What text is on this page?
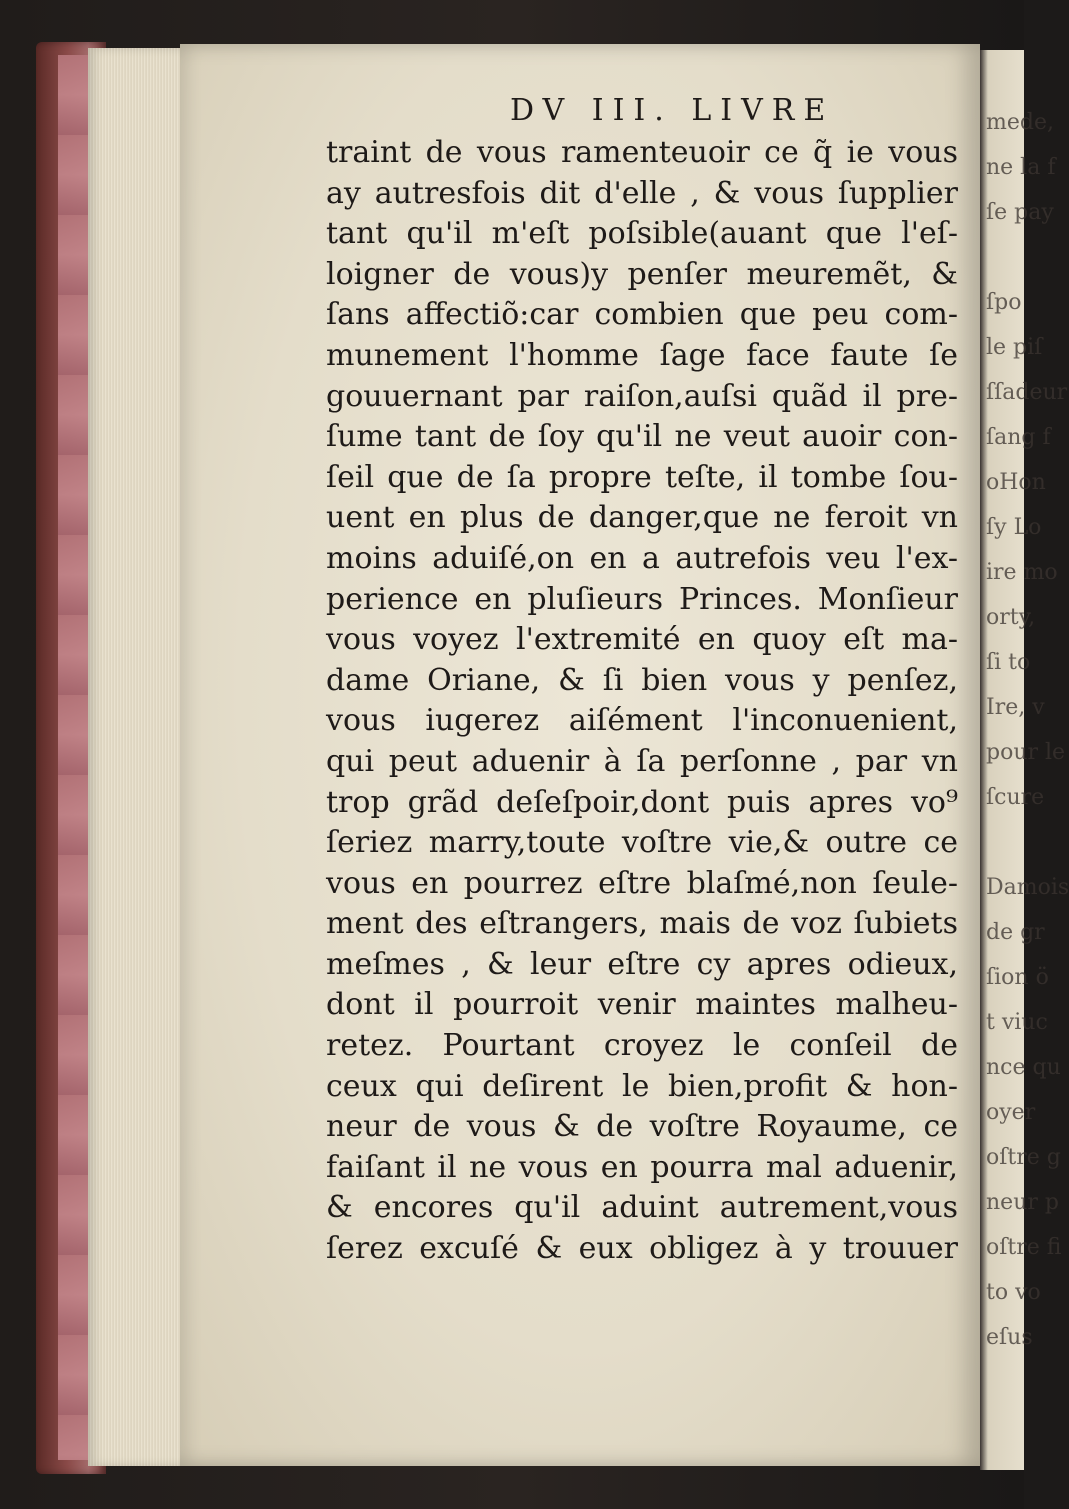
DV III. LIVRE
traint de vous ramenteuoir ce q̃ ie vous
ay autresfois dit d'elle , & vous ſupplier
tant qu'il m'eſt poſsible(auant que l'eſ-
loigner de vous)y penſer meuremẽt, &
ſans affectiõ:car combien que peu com-
munement l'homme ſage face faute ſe
gouuernant par raiſon,auſsi quãd il pre-
ſume tant de ſoy qu'il ne veut auoir con-
ſeil que de ſa propre teſte, il tombe ſou-
uent en plus de danger,que ne feroit vn
moins aduiſé,on en a autrefois veu l'ex-
perience en pluſieurs Princes. Monſieur
vous voyez l'extremité en quoy eſt ma-
dame Oriane, & ſi bien vous y penſez,
vous iugerez aiſément l'inconuenient,
qui peut aduenir à ſa perſonne , par vn
trop grãd deſeſpoir,dont puis apres vo⁹
ſeriez marry,toute voſtre vie,& outre ce
vous en pourrez eſtre blaſmé,non ſeule-
ment des eſtrangers, mais de voz ſubiets
meſmes , & leur eſtre cy apres odieux,
dont il pourroit venir maintes malheu-
retez. Pourtant croyez le conſeil de
ceux qui deſirent le bien,profit & hon-
neur de vous & de voſtre Royaume, ce
faiſant il ne vous en pourra mal aduenir,
& encores qu'il aduint autrement,vous
ſerez excuſé & eux obligez à y trouuer
mede,
ne la f
ſe pay
ſpo
le piſ
ſſadeur
ſang f
oHon
ſy Lo
ire mo
orty,
ſi to
Ire, v
pour le
ſcure
Damois
de gr
ſion ö
t viuc
nce qu
oyer
oſtre g
neur p
oſtre fi
to vo
eſus
